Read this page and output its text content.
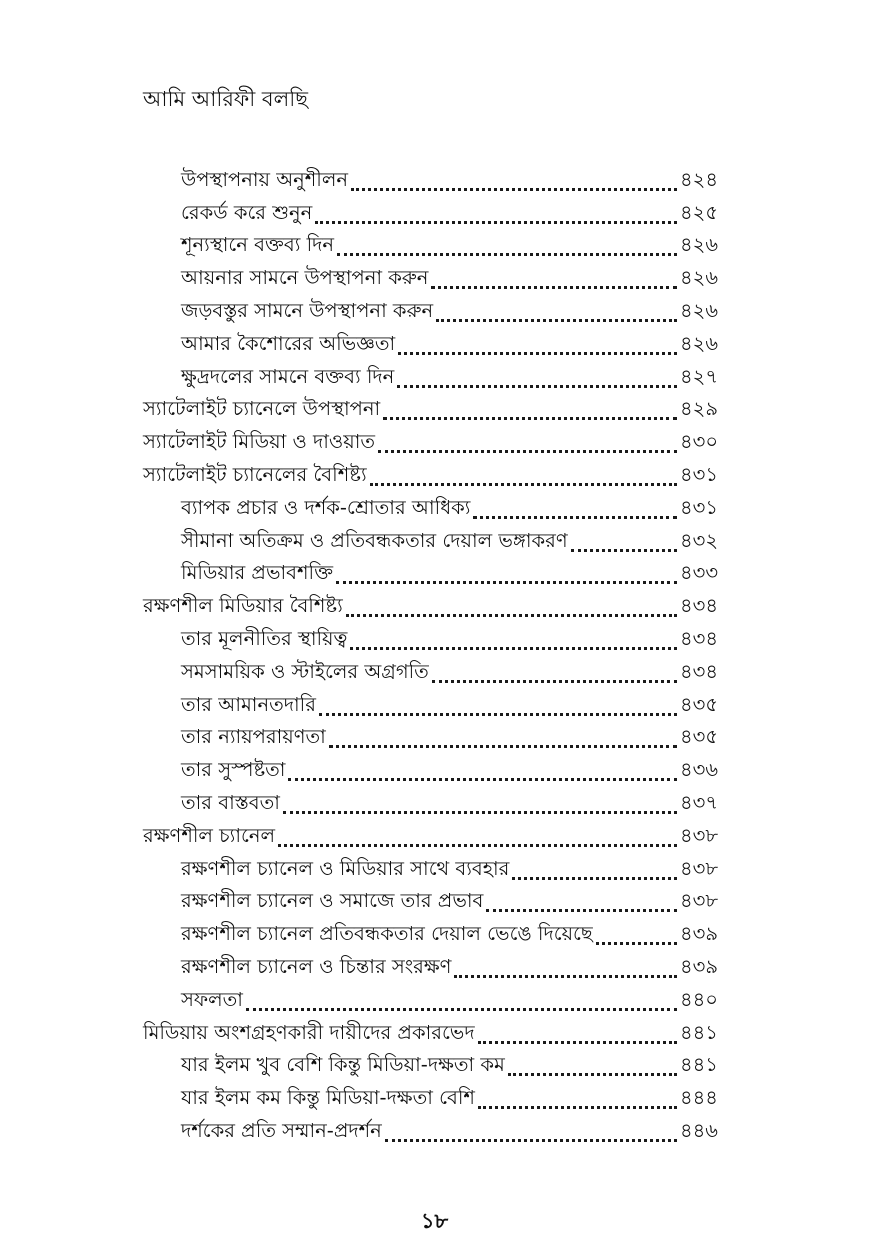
আমি আরিফী বলছি
উপস্থাপনায় অনুশীলন	৪২৪
রেকর্ড করে শুনুন	৪২৫
শূন্যস্থানে বক্তব্য দিন	৪২৬
আয়নার সামনে উপস্থাপনা করুন	৪২৬
জড়বস্তুর সামনে উপস্থাপনা করুন	৪২৬
আমার কৈশোরের অভিজ্ঞতা	৪২৬
ক্ষুদ্রদলের সামনে বক্তব্য দিন	৪২৭
স্যাটেলাইট চ্যানেলে উপস্থাপনা	৪২৯
স্যাটেলাইট মিডিয়া ও দাওয়াত	৪৩০
স্যাটেলাইট চ্যানেলের বৈশিষ্ট্য	৪৩১
ব্যাপক প্রচার ও দর্শক-শ্রোতার আধিক্য	৪৩১
সীমানা অতিক্রম ও প্রতিবন্ধকতার দেয়াল ভঙ্গাকরণ	৪৩২
মিডিয়ার প্রভাবশক্তি	৪৩৩
রক্ষণশীল মিডিয়ার বৈশিষ্ট্য	৪৩৪
তার মূলনীতির স্থায়িত্ব	৪৩৪
সমসাময়িক ও স্টাইলের অগ্রগতি	৪৩৪
তার আমানতদারি	৪৩৫
তার ন্যায়পরায়ণতা	৪৩৫
তার সুস্পষ্টতা	৪৩৬
তার বাস্তবতা	৪৩৭
রক্ষণশীল চ্যানেল	৪৩৮
রক্ষণশীল চ্যানেল ও মিডিয়ার সাথে ব্যবহার	৪৩৮
রক্ষণশীল চ্যানেল ও সমাজে তার প্রভাব	৪৩৮
রক্ষণশীল চ্যানেল প্রতিবন্ধকতার দেয়াল ভেঙে দিয়েছে	৪৩৯
রক্ষণশীল চ্যানেল ও চিন্তার সংরক্ষণ	৪৩৯
সফলতা	৪৪০
মিডিয়ায় অংশগ্রহণকারী দায়ীদের প্রকারভেদ	৪৪১
যার ইলম খুব বেশি কিন্তু মিডিয়া-দক্ষতা কম	৪৪১
যার ইলম কম কিন্তু মিডিয়া-দক্ষতা বেশি	৪৪৪
দর্শকের প্রতি সম্মান-প্রদর্শন	৪৪৬
১৮
